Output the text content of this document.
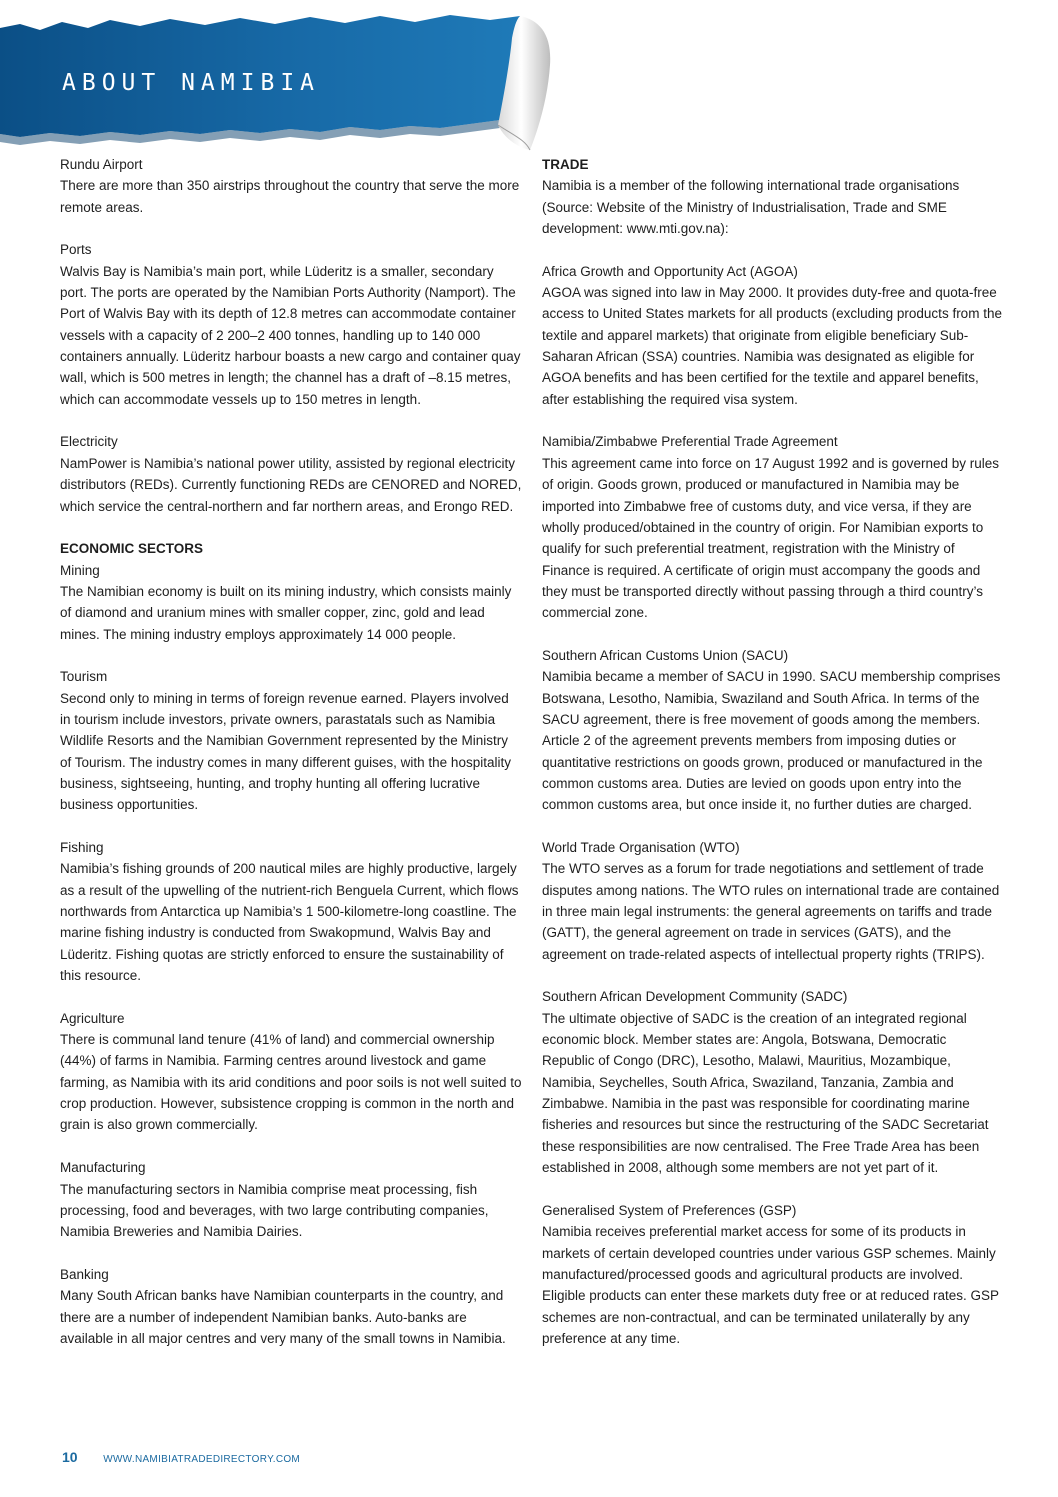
ABOUT NAMIBIA

Rundu Airport

There are more than 350 airstrips throughout the country that serve the more remote areas.

Ports

Walvis Bay is Namibia’s main port, while Lüderitz is a smaller, secondary port. The ports are operated by the Namibian Ports Authority (Namport). The Port of Walvis Bay with its depth of 12.8 metres can accommodate container vessels with a capacity of 2 200–2 400 tonnes, handling up to 140 000 containers annually. Lüderitz harbour boasts a new cargo and container quay wall, which is 500 metres in length; the channel has a draft of –8.15 metres, which can accommodate vessels up to 150 metres in length.

Electricity

NamPower is Namibia’s national power utility, assisted by regional electricity distributors (REDs). Currently functioning REDs are CENORED and NORED, which service the central-northern and far northern areas, and Erongo RED.

ECONOMIC SECTORS

Mining

The Namibian economy is built on its mining industry, which consists mainly of diamond and uranium mines with smaller copper, zinc, gold and lead mines. The mining industry employs approximately 14 000 people.

Tourism

Second only to mining in terms of foreign revenue earned. Players involved in tourism include investors, private owners, parastatals such as Namibia Wildlife Resorts and the Namibian Government represented by the Ministry of Tourism. The industry comes in many different guises, with the hospitality business, sightseeing, hunting, and trophy hunting all offering lucrative business opportunities.

Fishing

Namibia’s fishing grounds of 200 nautical miles are highly productive, largely as a result of the upwelling of the nutrient-rich Benguela Current, which flows northwards from Antarctica up Namibia’s 1 500-kilometre-long coastline. The marine fishing industry is conducted from Swakopmund, Walvis Bay and Lüderitz. Fishing quotas are strictly enforced to ensure the sustainability of this resource.

Agriculture

There is communal land tenure (41% of land) and commercial ownership (44%) of farms in Namibia. Farming centres around livestock and game farming, as Namibia with its arid conditions and poor soils is not well suited to crop production. However, subsistence cropping is common in the north and grain is also grown commercially.

Manufacturing

The manufacturing sectors in Namibia comprise meat processing, fish processing, food and beverages, with two large contributing companies, Namibia Breweries and Namibia Dairies.

Banking

Many South African banks have Namibian counterparts in the country, and there are a number of independent Namibian banks. Auto-banks are available in all major centres and very many of the small towns in Namibia.

TRADE

Namibia is a member of the following international trade organisations (Source: Website of the Ministry of Industrialisation, Trade and SME development: www.mti.gov.na):

Africa Growth and Opportunity Act (AGOA)

AGOA was signed into law in May 2000. It provides duty-free and quota-free access to United States markets for all products (excluding products from the textile and apparel markets) that originate from eligible beneficiary Sub-Saharan African (SSA) countries. Namibia was designated as eligible for AGOA benefits and has been certified for the textile and apparel benefits, after establishing the required visa system.

Namibia/Zimbabwe Preferential Trade Agreement

This agreement came into force on 17 August 1992 and is governed by rules of origin. Goods grown, produced or manufactured in Namibia may be imported into Zimbabwe free of customs duty, and vice versa, if they are wholly produced/obtained in the country of origin. For Namibian exports to qualify for such preferential treatment, registration with the Ministry of Finance is required. A certificate of origin must accompany the goods and they must be transported directly without passing through a third country’s commercial zone.

Southern African Customs Union (SACU)

Namibia became a member of SACU in 1990. SACU membership comprises Botswana, Lesotho, Namibia, Swaziland and South Africa. In terms of the SACU agreement, there is free movement of goods among the members. Article 2 of the agreement prevents members from imposing duties or quantitative restrictions on goods grown, produced or manufactured in the common customs area. Duties are levied on goods upon entry into the common customs area, but once inside it, no further duties are charged.

World Trade Organisation (WTO)

The WTO serves as a forum for trade negotiations and settlement of trade disputes among nations. The WTO rules on international trade are contained in three main legal instruments: the general agreements on tariffs and trade (GATT), the general agreement on trade in services (GATS), and the agreement on trade-related aspects of intellectual property rights (TRIPS).

Southern African Development Community (SADC)

The ultimate objective of SADC is the creation of an integrated regional economic block. Member states are: Angola, Botswana, Democratic Republic of Congo (DRC), Lesotho, Malawi, Mauritius, Mozambique, Namibia, Seychelles, South Africa, Swaziland, Tanzania, Zambia and Zimbabwe. Namibia in the past was responsible for coordinating marine fisheries and resources but since the restructuring of the SADC Secretariat these responsibilities are now centralised. The Free Trade Area has been established in 2008, although some members are not yet part of it.

Generalised System of Preferences (GSP)

Namibia receives preferential market access for some of its products in markets of certain developed countries under various GSP schemes. Mainly manufactured/processed goods and agricultural products are involved. Eligible products can enter these markets duty free or at reduced rates. GSP schemes are non-contractual, and can be terminated unilaterally by any preference at any time.

10	WWW.NAMIBIATRADEDIRECTORY.COM
